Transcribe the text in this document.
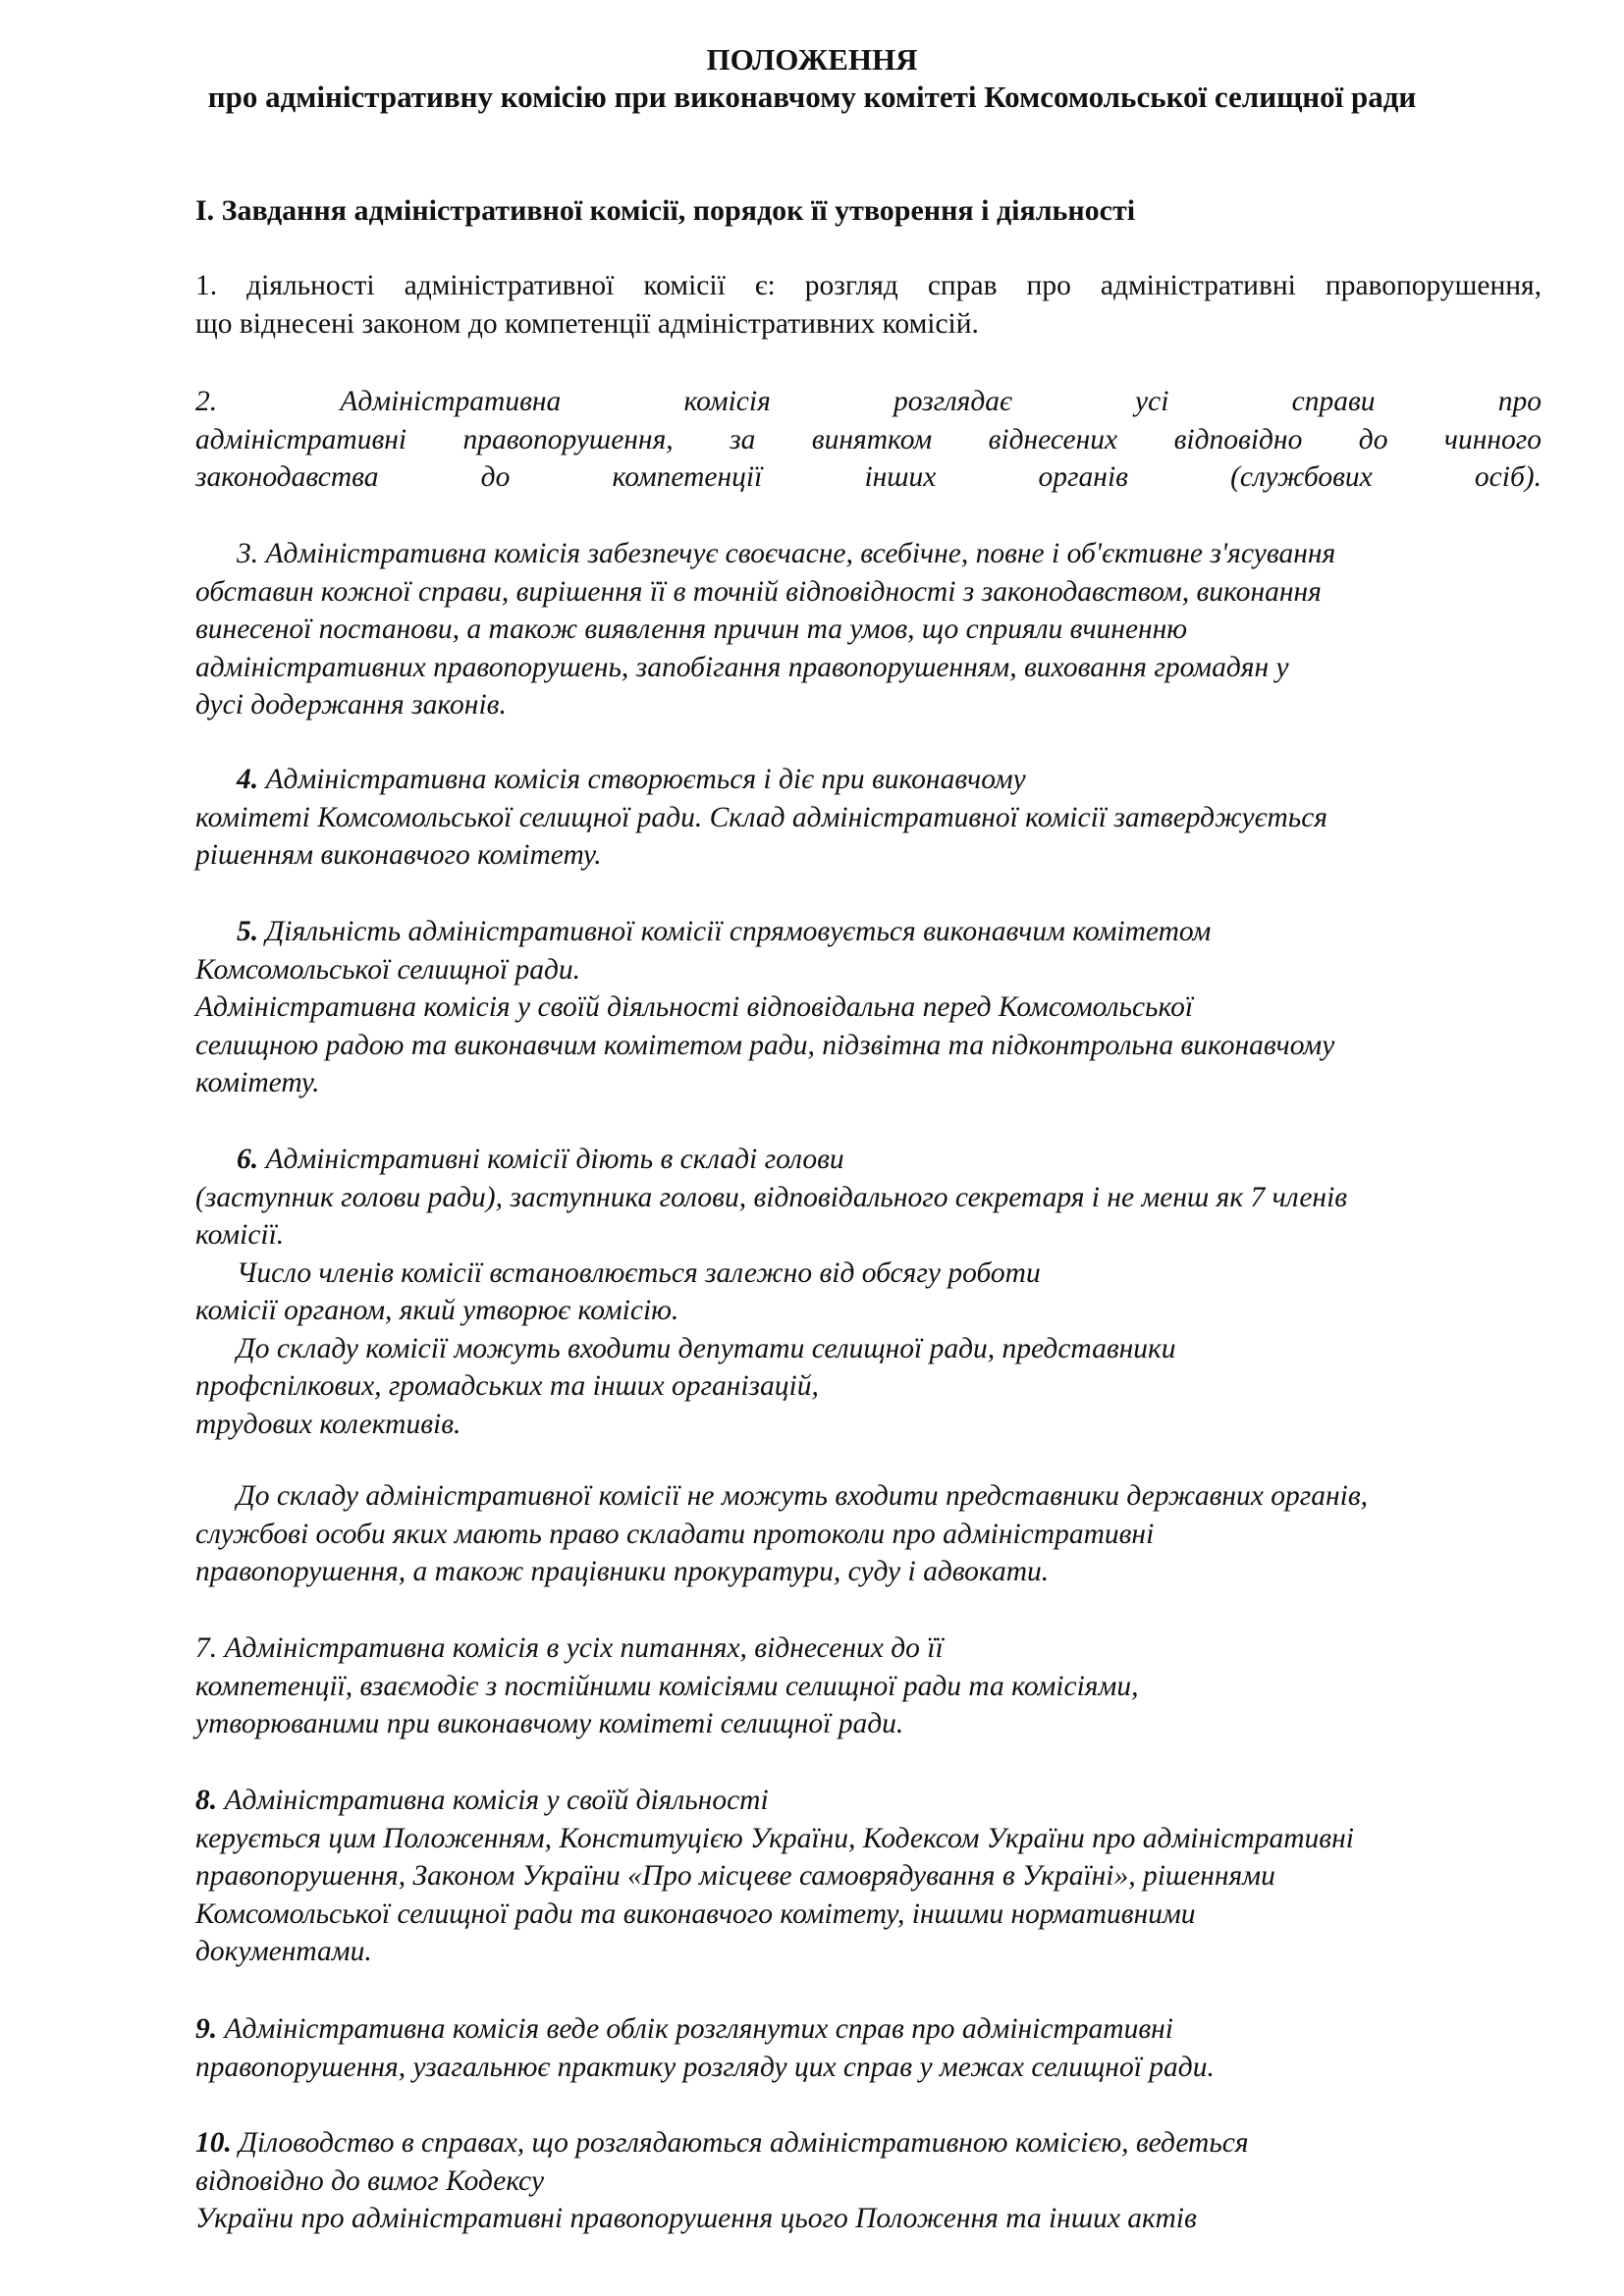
ПОЛОЖЕННЯ
про адміністративну комісію при виконавчому комітеті Комсомольської селищної ради
І. Завдання адміністративної комісії, порядок її утворення і діяльності
1. діяльності адміністративної комісії є: розгляд справ про адміністративні правопорушення,
що віднесені законом до компетенції адміністративних комісій.
2. Адміністративна комісія розглядає усі справи про
адміністративні правопорушення, за винятком віднесених відповідно до чинного
законодавства до компетенції інших органів (службових осіб).
3. Адміністративна комісія забезпечує своєчасне, всебічне, повне і об'єктивне з'ясування
обставин кожної справи, вирішення її в точній відповідності з законодавством, виконання
винесеної постанови, а також виявлення причин та умов, що сприяли вчиненню
адміністративних правопорушень, запобігання правопорушенням, виховання громадян у
дусі додержання законів.
4. Адміністративна комісія створюється і діє при виконавчому
комітеті Комсомольської селищної ради. Склад адміністративної комісії затверджується
рішенням виконавчого комітету.
5. Діяльність адміністративної комісії спрямовується виконавчим комітетом
Комсомольської селищної ради.
Адміністративна комісія у своїй діяльності відповідальна перед Комсомольської
селищною радою та виконавчим комітетом ради, підзвітна та підконтрольна виконавчому
комітету.
6. Адміністративні комісії діють в складі голови
(заступник голови ради), заступника голови, відповідального секретаря і не менш як 7 членів
комісії.
Число членів комісії встановлюється залежно від обсягу роботи
комісії органом, який утворює комісію.
До складу комісії можуть входити депутати селищної ради, представники
профспілкових, громадських та інших організацій,
трудових колективів.
До складу адміністративної комісії не можуть входити представники державних органів,
службові особи яких мають право складати протоколи про адміністративні
правопорушення, а також працівники прокуратури, суду і адвокати.
7. Адміністративна комісія в усіх питаннях, віднесених до її
компетенції, взаємодіє з постійними комісіями селищної ради та комісіями,
утворюваними при виконавчому комітеті селищної ради.
8. Адміністративна комісія у своїй діяльності
керується цим Положенням, Конституцією України, Кодексом України про адміністративні
правопорушення, Законом України «Про місцеве самоврядування в Україні», рішеннями
Комсомольської селищної ради та виконавчого комітету, іншими нормативними
документами.
9. Адміністративна комісія веде облік розглянутих справ про адміністративні
правопорушення, узагальнює практику розгляду цих справ у межах селищної ради.
10. Діловодство в справах, що розглядаються адміністративною комісією, ведеться
відповідно до вимог Кодексу
України про адміністративні правопорушення цього Положення та інших актів
